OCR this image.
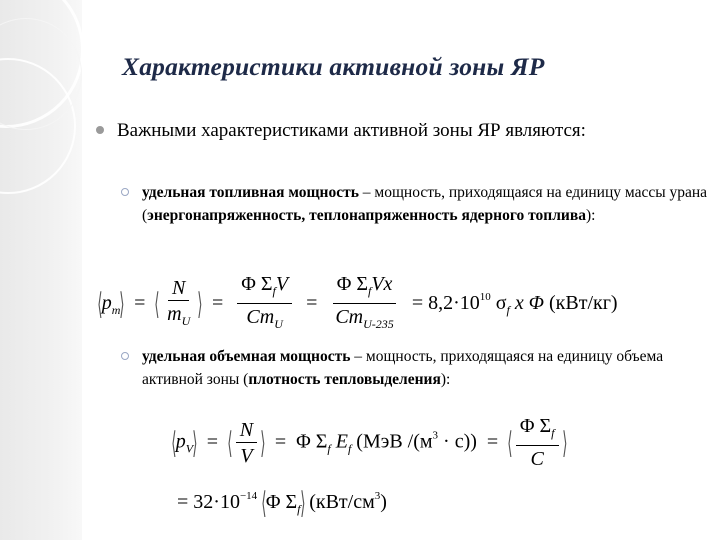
Характеристики активной зоны ЯР
Важными характеристиками активной зоны ЯР являются:
удельная топливная мощность – мощность, приходящаяся на единицу массы урана (энергонапряженность, теплонапряженность ядерного топлива):
$⟨p_m⟩$ = ⟨ $\frac{N}{m_U}$ ⟩ = $\frac{\Phi \Sigma_fV}{Cm_U} = \frac{\Phi \Sigma_fVx}{Cm_{U-235}} = 8,2\cdot 10^{10}$ $\sigma_f$ x Φ (кВт/кг)
удельная объемная мощность – мощность, приходящаяся на единицу объема активной зоны (плотность тепловыделения):
$⟨p_V⟩$ = ⟨ $\frac{N}{V}$ ⟩ = Φ $\Sigma_f$ $E_f$ (МэВ $/(м^3 \cdot с)$) = ⟨ $\frac{\Phi \Sigma_f}{C}$ ⟩
= $32\cdot 10^{-14}$ ⟨Φ $\Sigma_f⟩$ $(кВт/см^3)$
